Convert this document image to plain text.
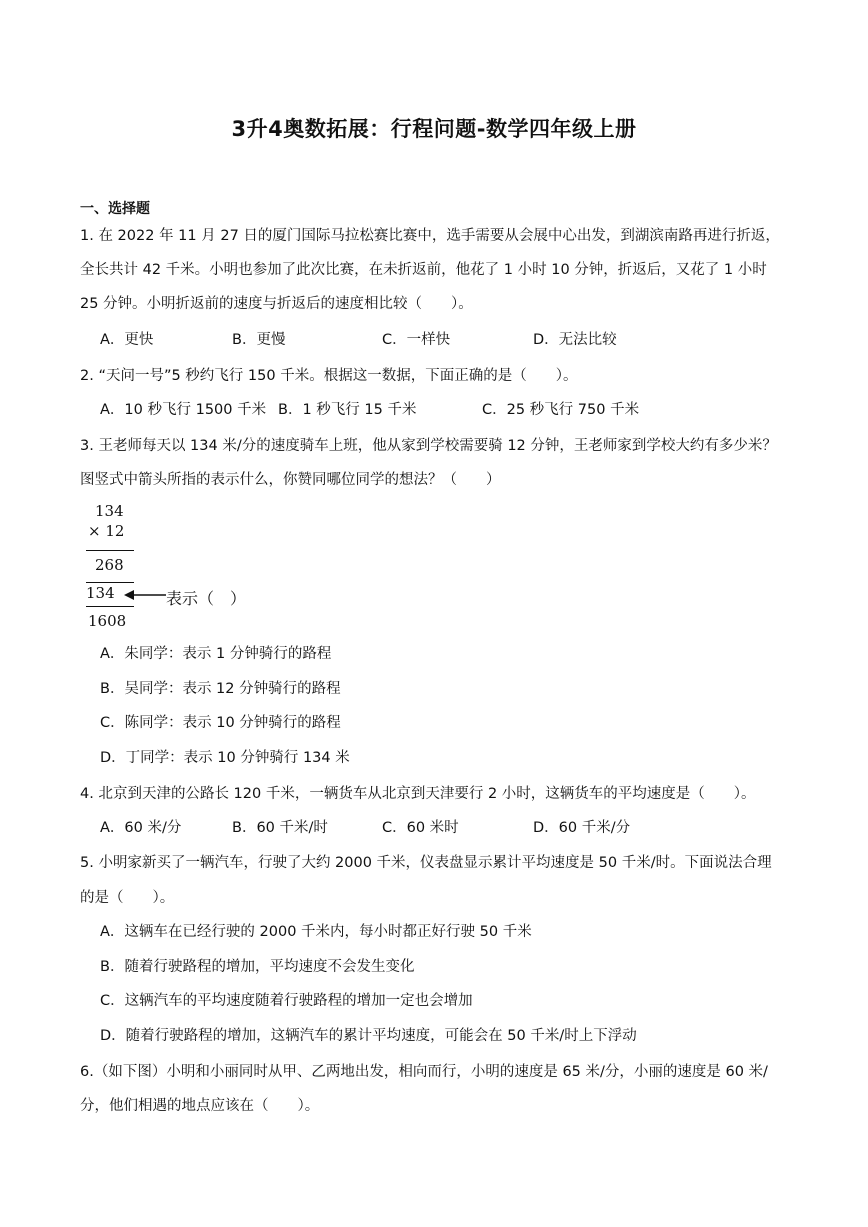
3升4奥数拓展：行程问题-数学四年级上册
一、选择题
1. 在 2022 年 11 月 27 日的厦门国际马拉松赛比赛中，选手需要从会展中心出发，到湖滨南路再进行折返，
全长共计 42 千米。小明也参加了此次比赛，在未折返前，他花了 1 小时 10 分钟，折返后，又花了 1 小时
25 分钟。小明折返前的速度与折返后的速度相比较（　　）。
A．更快	B．更慢	C．一样快	D．无法比较
2. “天问一号”5 秒约飞行 150 千米。根据这一数据，下面正确的是（　　）。
A．10 秒飞行 1500 千米 B．1 秒飞行 15 千米	C．25 秒飞行 750 千米
3. 王老师每天以 134 米/分的速度骑车上班，他从家到学校需要骑 12 分钟，王老师家到学校大约有多少米？
图竖式中箭头所指的表示什么，你赞同哪位同学的想法？（　　）
134
× 12
268
134
1608
表示（　）
A．朱同学：表示 1 分钟骑行的路程
B．吴同学：表示 12 分钟骑行的路程
C．陈同学：表示 10 分钟骑行的路程
D．丁同学：表示 10 分钟骑行 134 米
4. 北京到天津的公路长 120 千米，一辆货车从北京到天津要行 2 小时，这辆货车的平均速度是（　　）。
A．60 米/分	B．60 千米/时	C．60 米时	D．60 千米/分
5. 小明家新买了一辆汽车，行驶了大约 2000 千米，仪表盘显示累计平均速度是 50 千米/时。下面说法合理
的是（　　）。
A．这辆车在已经行驶的 2000 千米内，每小时都正好行驶 50 千米
B．随着行驶路程的增加，平均速度不会发生变化
C．这辆汽车的平均速度随着行驶路程的增加一定也会增加
D．随着行驶路程的增加，这辆汽车的累计平均速度，可能会在 50 千米/时上下浮动
6.（如下图）小明和小丽同时从甲、乙两地出发，相向而行，小明的速度是 65 米/分，小丽的速度是 60 米/
分，他们相遇的地点应该在（　　）。
